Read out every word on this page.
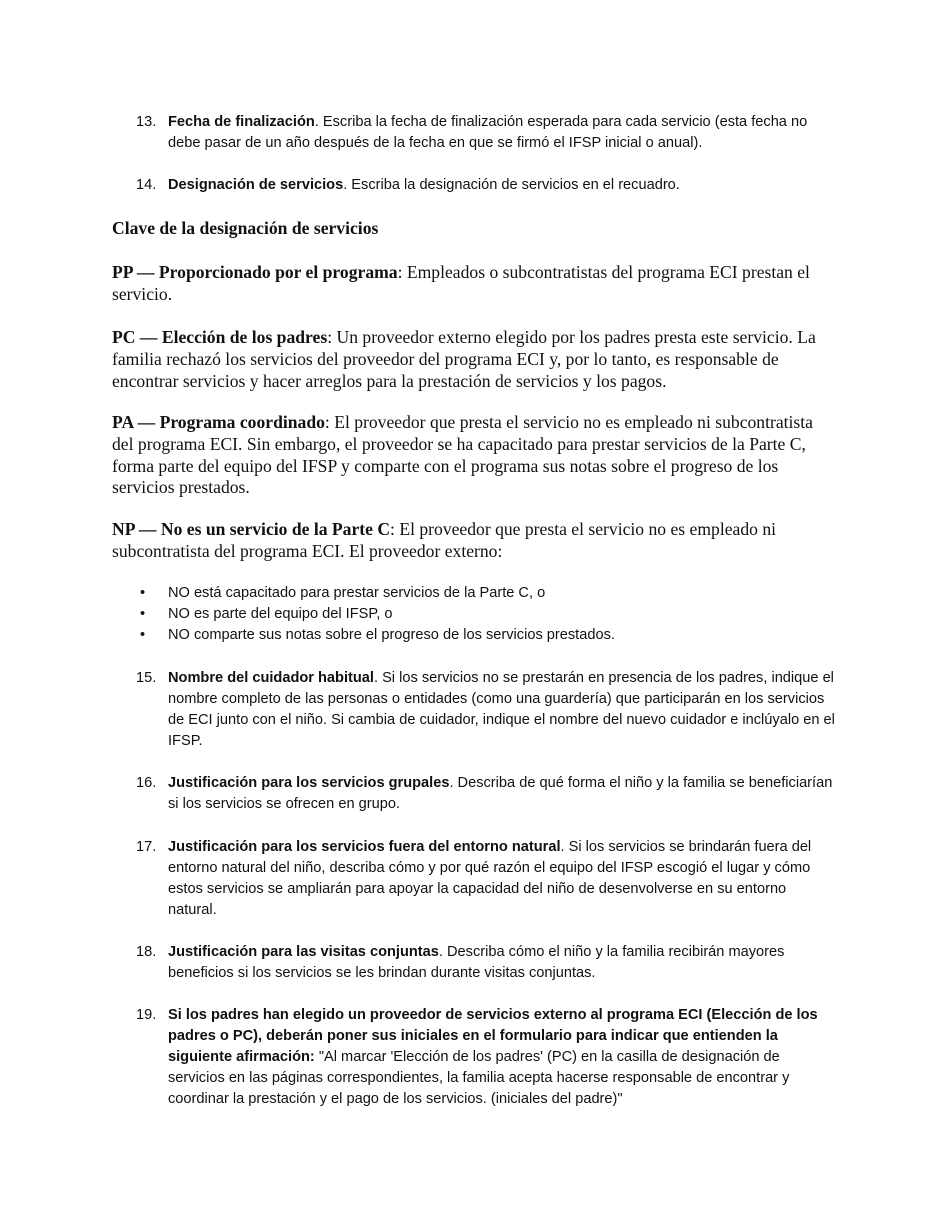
13. Fecha de finalización. Escriba la fecha de finalización esperada para cada servicio (esta fecha no debe pasar de un año después de la fecha en que se firmó el IFSP inicial o anual).
14. Designación de servicios. Escriba la designación de servicios en el recuadro.
Clave de la designación de servicios
PP — Proporcionado por el programa: Empleados o subcontratistas del programa ECI prestan el servicio.
PC — Elección de los padres: Un proveedor externo elegido por los padres presta este servicio. La familia rechazó los servicios del proveedor del programa ECI y, por lo tanto, es responsable de encontrar servicios y hacer arreglos para la prestación de servicios y los pagos.
PA — Programa coordinado: El proveedor que presta el servicio no es empleado ni subcontratista del programa ECI. Sin embargo, el proveedor se ha capacitado para prestar servicios de la Parte C, forma parte del equipo del IFSP y comparte con el programa sus notas sobre el progreso de los servicios prestados.
NP — No es un servicio de la Parte C: El proveedor que presta el servicio no es empleado ni subcontratista del programa ECI. El proveedor externo:
• NO está capacitado para prestar servicios de la Parte C, o
• NO es parte del equipo del IFSP, o
• NO comparte sus notas sobre el progreso de los servicios prestados.
15. Nombre del cuidador habitual. Si los servicios no se prestarán en presencia de los padres, indique el nombre completo de las personas o entidades (como una guardería) que participarán en los servicios de ECI junto con el niño. Si cambia de cuidador, indique el nombre del nuevo cuidador e inclúyalo en el IFSP.
16. Justificación para los servicios grupales. Describa de qué forma el niño y la familia se beneficiarían si los servicios se ofrecen en grupo.
17. Justificación para los servicios fuera del entorno natural. Si los servicios se brindarán fuera del entorno natural del niño, describa cómo y por qué razón el equipo del IFSP escogió el lugar y cómo estos servicios se ampliarán para apoyar la capacidad del niño de desenvolverse en su entorno natural.
18. Justificación para las visitas conjuntas. Describa cómo el niño y la familia recibirán mayores beneficios si los servicios se les brindan durante visitas conjuntas.
19. Si los padres han elegido un proveedor de servicios externo al programa ECI (Elección de los padres o PC), deberán poner sus iniciales en el formulario para indicar que entienden la siguiente afirmación: "Al marcar 'Elección de los padres' (PC) en la casilla de designación de servicios en las páginas correspondientes, la familia acepta hacerse responsable de encontrar y coordinar la prestación y el pago de los servicios. (iniciales del padre)"
